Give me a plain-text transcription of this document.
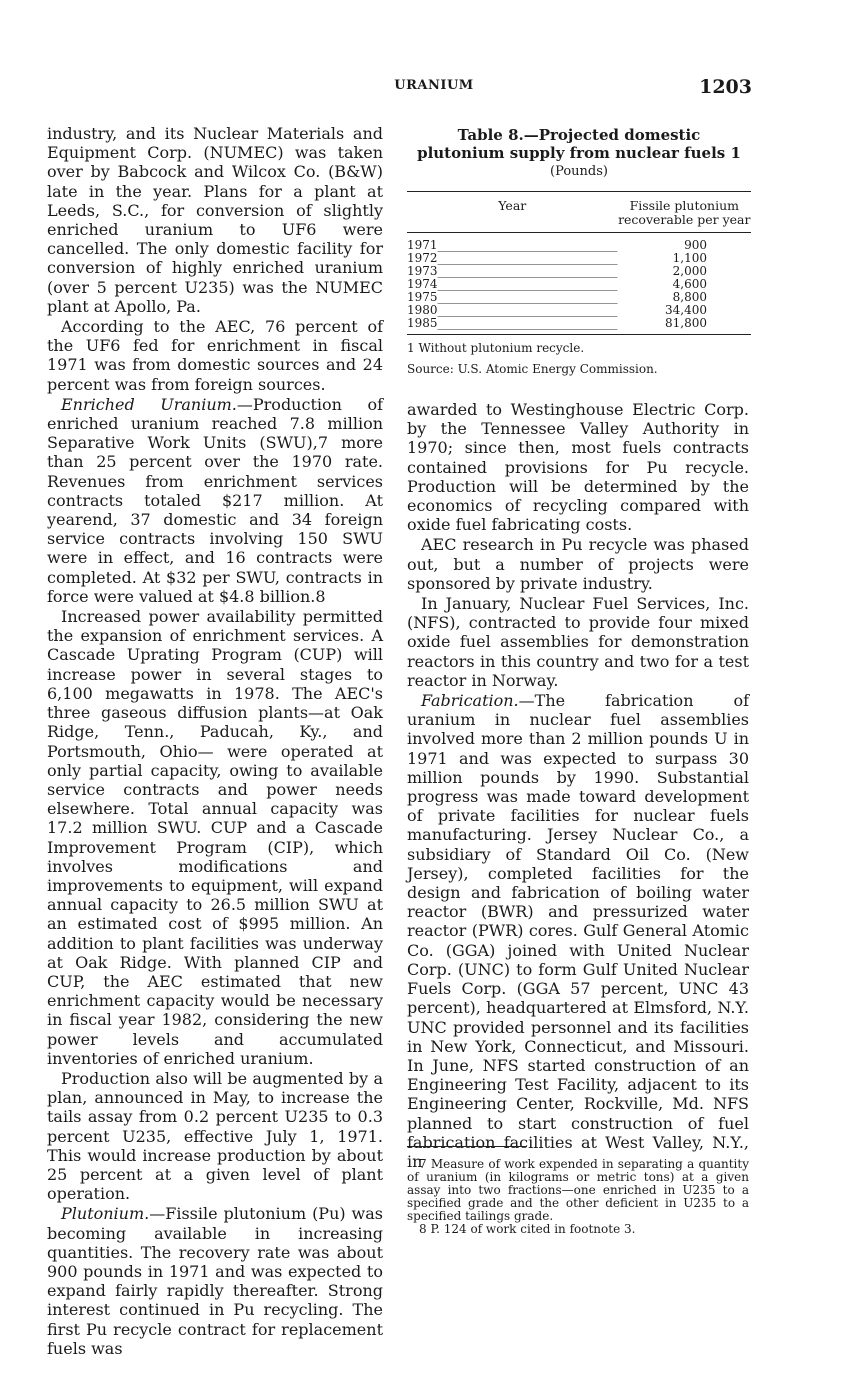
URANIUM	1203

industry, and its Nuclear Materials and Equipment Corp. (NUMEC) was taken over by Babcock and Wilcox Co. (B&W) late in the year. Plans for a plant at Leeds, S.C., for conversion of slightly enriched uranium to UF6 were cancelled. The only domestic facility for conversion of highly enriched uranium (over 5 percent U235) was the NUMEC plant at Apollo, Pa.

According to the AEC, 76 percent of the UF6 fed for enrichment in fiscal 1971 was from domestic sources and 24 percent was from foreign sources.

Enriched Uranium.—Production of enriched uranium reached 7.8 million Separative Work Units (SWU),7 more than 25 percent over the 1970 rate. Revenues from enrichment services contracts totaled $217 million. At yearend, 37 domestic and 34 foreign service contracts involving 150 SWU were in effect, and 16 contracts were completed. At $32 per SWU, contracts in force were valued at $4.8 billion.8

Increased power availability permitted the expansion of enrichment services. A Cascade Uprating Program (CUP) will increase power in several stages to 6,100 megawatts in 1978. The AEC's three gaseous diffusion plants—at Oak Ridge, Tenn., Paducah, Ky., and Portsmouth, Ohio— were operated at only partial capacity, owing to available service contracts and power needs elsewhere. Total annual capacity was 17.2 million SWU. CUP and a Cascade Improvement Program (CIP), which involves modifications and improvements to equipment, will expand annual capacity to 26.5 million SWU at an estimated cost of $995 million. An addition to plant facilities was underway at Oak Ridge. With planned CIP and CUP, the AEC estimated that new enrichment capacity would be necessary in fiscal year 1982, considering the new power levels and accumulated inventories of enriched uranium.

Production also will be augmented by a plan, announced in May, to increase the tails assay from 0.2 percent U235 to 0.3 percent U235, effective July 1, 1971. This would increase production by about 25 percent at a given level of plant operation.

Plutonium.—Fissile plutonium (Pu) was becoming available in increasing quantities. The recovery rate was about 900 pounds in 1971 and was expected to expand fairly rapidly thereafter. Strong interest continued in Pu recycling. The first Pu recycle contract for replacement fuels was

Table 8.—Projected domestic plutonium supply from nuclear fuels 1
(Pounds)
Year	Fissile plutonium recoverable per year
1971______________________________	900
1972______________________________	1,100
1973______________________________	2,000
1974______________________________	4,600
1975______________________________	8,800
1980______________________________	34,400
1985______________________________	81,800
1 Without plutonium recycle.
Source: U.S. Atomic Energy Commission.

awarded to Westinghouse Electric Corp. by the Tennessee Valley Authority in 1970; since then, most fuels contracts contained provisions for Pu recycle. Production will be determined by the economics of recycling compared with oxide fuel fabricating costs.

AEC research in Pu recycle was phased out, but a number of projects were sponsored by private industry.

In January, Nuclear Fuel Services, Inc. (NFS), contracted to provide four mixed oxide fuel assemblies for demonstration reactors in this country and two for a test reactor in Norway.

Fabrication.—The fabrication of uranium in nuclear fuel assemblies involved more than 2 million pounds U in 1971 and was expected to surpass 30 million pounds by 1990. Substantial progress was made toward development of private facilities for nuclear fuels manufacturing. Jersey Nuclear Co., a subsidiary of Standard Oil Co. (New Jersey), completed facilities for the design and fabrication of boiling water reactor (BWR) and pressurized water reactor (PWR) cores. Gulf General Atomic Co. (GGA) joined with United Nuclear Corp. (UNC) to form Gulf United Nuclear Fuels Corp. (GGA 57 percent, UNC 43 percent), headquartered at Elmsford, N.Y. UNC provided personnel and its facilities in New York, Connecticut, and Missouri. In June, NFS started construction of an Engineering Test Facility, adjacent to its Engineering Center, Rockville, Md. NFS planned to start construction of fuel fabrication facilities at West Valley, N.Y., in

7 Measure of work expended in separating a quantity of uranium (in kilograms or metric tons) at a given assay into two fractions—one enriched in U235 to a specified grade and the other deficient in U235 to a specified tailings grade.

8 P. 124 of work cited in footnote 3.
